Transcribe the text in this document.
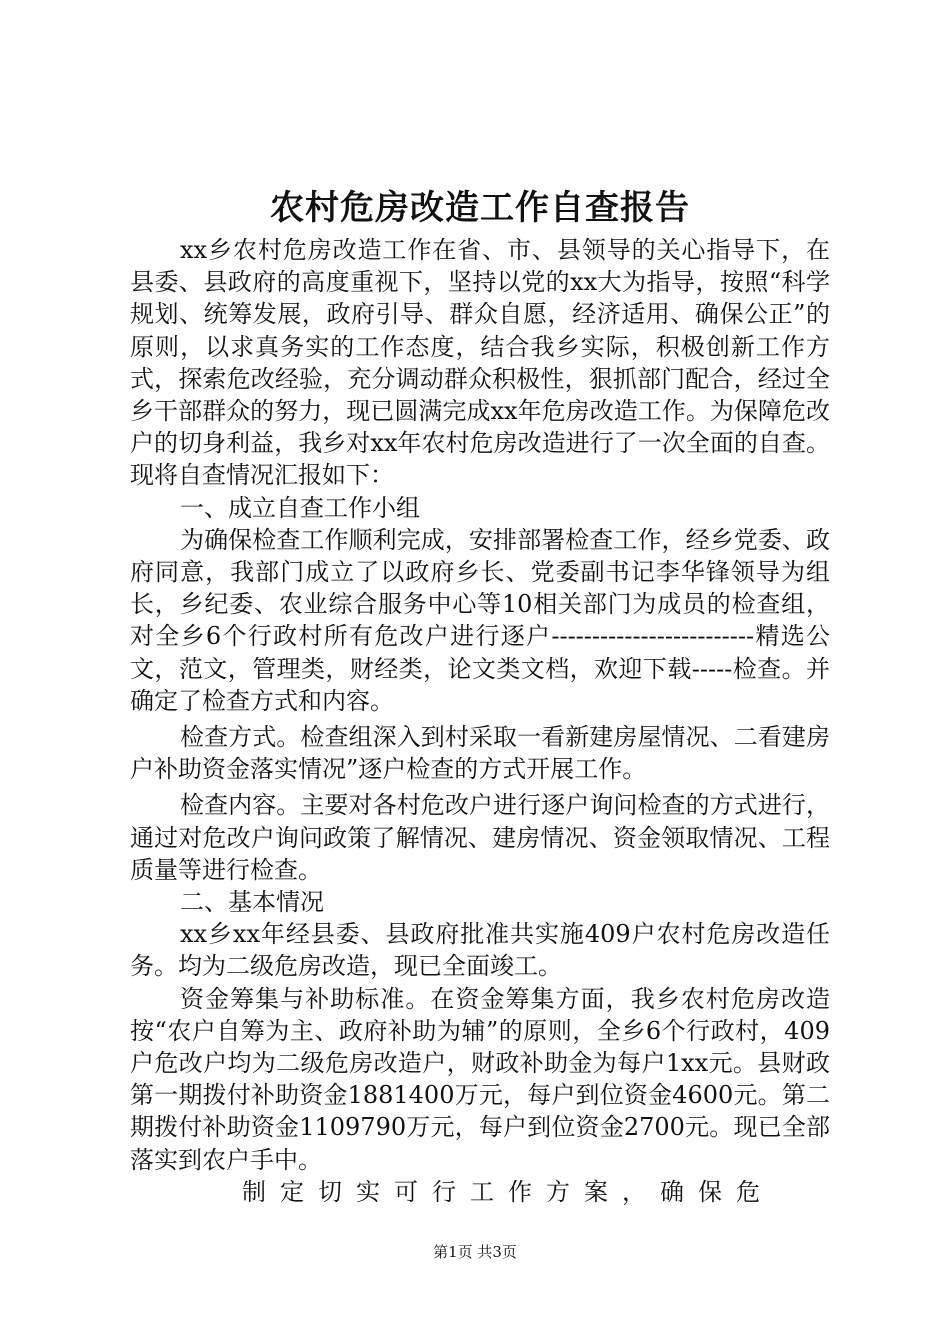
农村危房改造工作自查报告

xx乡农村危房改造工作在省、市、县领导的关心指导下，在县委、县政府的高度重视下，坚持以党的xx大为指导，按照“科学规划、统筹发展，政府引导、群众自愿，经济适用、确保公正”的原则，以求真务实的工作态度，结合我乡实际，积极创新工作方式，探索危改经验，充分调动群众积极性，狠抓部门配合，经过全乡干部群众的努力，现已圆满完成xx年危房改造工作。为保障危改户的切身利益，我乡对xx年农村危房改造进行了一次全面的自查。现将自查情况汇报如下：

一、成立自查工作小组

为确保检查工作顺利完成，安排部署检查工作，经乡党委、政府同意，我部门成立了以政府乡长、党委副书记李华锋领导为组长，乡纪委、农业综合服务中心等10相关部门为成员的检查组，对全乡6个行政村所有危改户进行逐户-------------------------精选公文，范文，管理类，财经类，论文类文档，欢迎下载-----检查。并确定了检查方式和内容。

检查方式。检查组深入到村采取一看新建房屋情况、二看建房户补助资金落实情况”逐户检查的方式开展工作。

检查内容。主要对各村危改户进行逐户询问检查的方式进行，通过对危改户询问政策了解情况、建房情况、资金领取情况、工程质量等进行检查。

二、基本情况

xx乡xx年经县委、县政府批准共实施409户农村危房改造任务。均为二级危房改造，现已全面竣工。

资金筹集与补助标准。在资金筹集方面，我乡农村危房改造按“农户自筹为主、政府补助为辅”的原则，全乡6个行政村，409户危改户均为二级危房改造户，财政补助金为每户1xx元。县财政第一期拨付补助资金1881400万元，每户到位资金4600元。第二期拨付补助资金1109790万元，每户到位资金2700元。现已全部落实到农户手中。

制定切实可行工作方案，确保危

第1页 共3页
